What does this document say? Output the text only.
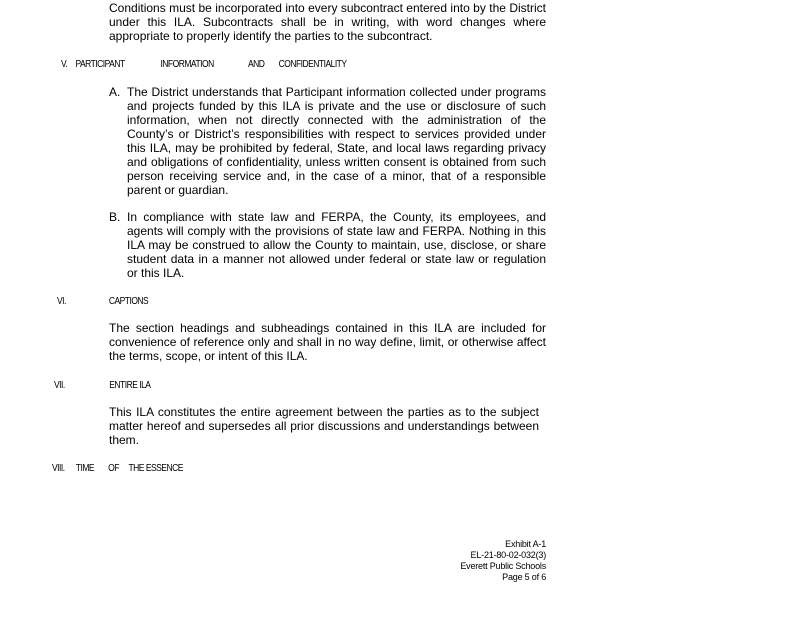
Conditions must be incorporated into every subcontract entered into by the District under this ILA. Subcontracts shall be in writing, with word changes where appropriate to properly identify the parties to the subcontract.

V. PARTICIPANT	INFORMATION	AND CONFIDENTIALITY

A. The District understands that Participant information collected under programs and projects funded by this ILA is private and the use or disclosure of such information, when not directly connected with the administration of the County’s or District’s responsibilities with respect to services provided under this ILA, may be prohibited by federal, State, and local laws regarding privacy and obligations of confidentiality, unless written consent is obtained from such person receiving service and, in the case of a minor, that of a responsible parent or guardian.

B. In compliance with state law and FERPA, the County, its employees, and agents will comply with the provisions of state law and FERPA. Nothing in this ILA may be construed to allow the County to maintain, use, disclose, or share student data in a manner not allowed under federal or state law or regulation or this ILA.

VI.	CAPTIONS

The section headings and subheadings contained in this ILA are included for convenience of reference only and shall in no way define, limit, or otherwise affect the terms, scope, or intent of this ILA.

VII.	ENTIRE ILA

This ILA constitutes the entire agreement between the parties as to the subject matter hereof and supersedes all prior discussions and understandings between them.

VIII. TIME OF THE ESSENCE
Exhibit A-1
EL-21-80-02-032(3)
Everett Public Schools
Page 5 of 6
